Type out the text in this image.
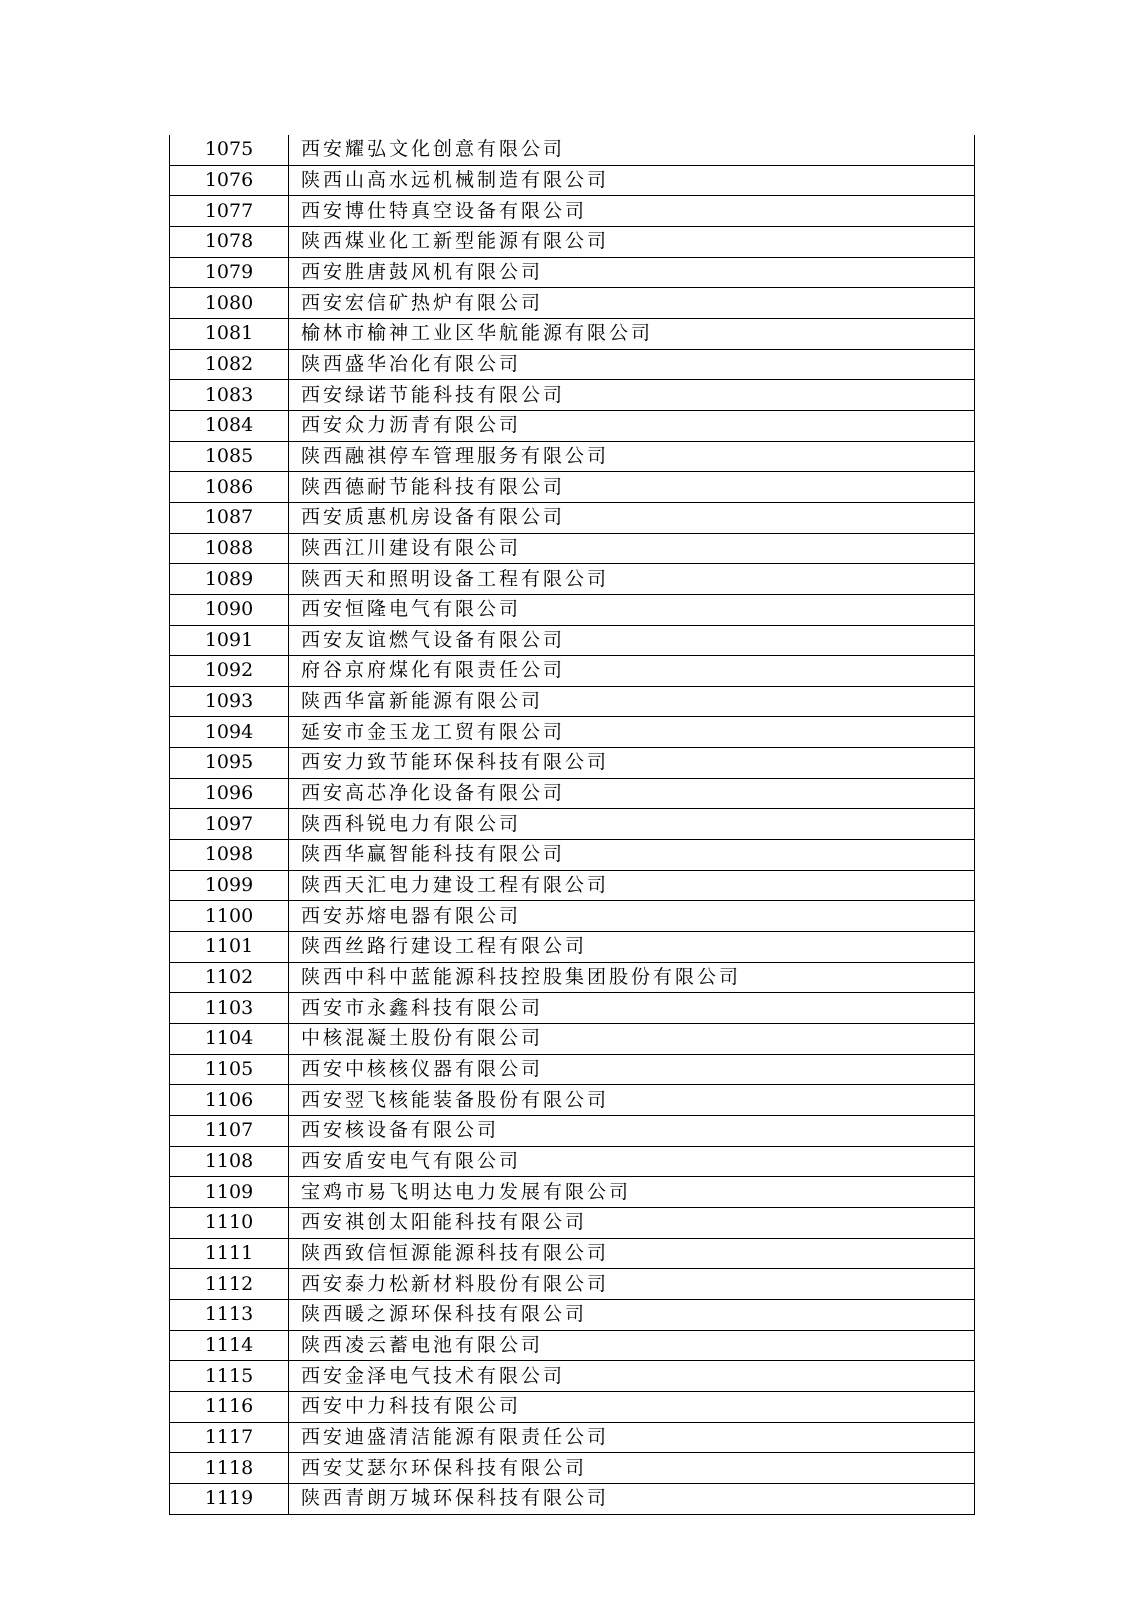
1075	西安耀弘文化创意有限公司
1076	陕西山高水远机械制造有限公司
1077	西安博仕特真空设备有限公司
1078	陕西煤业化工新型能源有限公司
1079	西安胜唐鼓风机有限公司
1080	西安宏信矿热炉有限公司
1081	榆林市榆神工业区华航能源有限公司
1082	陕西盛华冶化有限公司
1083	西安绿诺节能科技有限公司
1084	西安众力沥青有限公司
1085	陕西融祺停车管理服务有限公司
1086	陕西德耐节能科技有限公司
1087	西安质惠机房设备有限公司
1088	陕西江川建设有限公司
1089	陕西天和照明设备工程有限公司
1090	西安恒隆电气有限公司
1091	西安友谊燃气设备有限公司
1092	府谷京府煤化有限责任公司
1093	陕西华富新能源有限公司
1094	延安市金玉龙工贸有限公司
1095	西安力致节能环保科技有限公司
1096	西安高芯净化设备有限公司
1097	陕西科锐电力有限公司
1098	陕西华赢智能科技有限公司
1099	陕西天汇电力建设工程有限公司
1100	西安苏熔电器有限公司
1101	陕西丝路行建设工程有限公司
1102	陕西中科中蓝能源科技控股集团股份有限公司
1103	西安市永鑫科技有限公司
1104	中核混凝土股份有限公司
1105	西安中核核仪器有限公司
1106	西安翌飞核能装备股份有限公司
1107	西安核设备有限公司
1108	西安盾安电气有限公司
1109	宝鸡市易飞明达电力发展有限公司
1110	西安祺创太阳能科技有限公司
1111	陕西致信恒源能源科技有限公司
1112	西安泰力松新材料股份有限公司
1113	陕西暖之源环保科技有限公司
1114	陕西凌云蓄电池有限公司
1115	西安金泽电气技术有限公司
1116	西安中力科技有限公司
1117	西安迪盛清洁能源有限责任公司
1118	西安艾瑟尔环保科技有限公司
1119	陕西青朗万城环保科技有限公司
